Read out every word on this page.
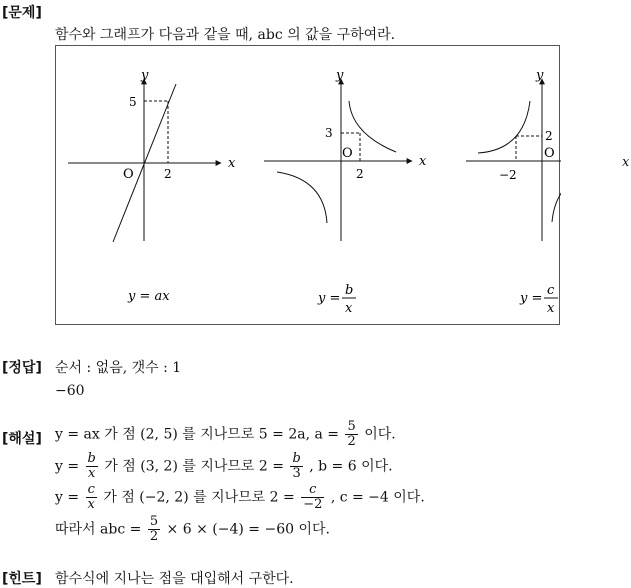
[문제]
함수와 그래프가 다음과 같을 때, abc 의 값을 구하여라.
x
y
O	2
5
x
y
O
2
3
y
O
−2
2
y = ax	y =
b
x
y =
c
x
x
[정답] 순서 : 없음, 갯수 : 1
−60
[해설] y = ax 가 점 (2, 5) 를 지나므로 5 = 2a, $a = \frac{5}{2}$ 이다.
$y = \frac{b}{x}$ 가 점 (3, 2) 를 지나므로 $2 = \frac{b}{3}$ , b = 6 이다.
$y = \frac{c}{x}$ 가 점 (−2, 2) 를 지나므로 $2 = \frac{c}{-2}$ , c = −4 이다.
따라서 abc = $\frac{5}{2} \times 6 \times (-4) = -60$ 이다.
[힌트] 함수식에 지나는 점을 대입해서 구한다.
